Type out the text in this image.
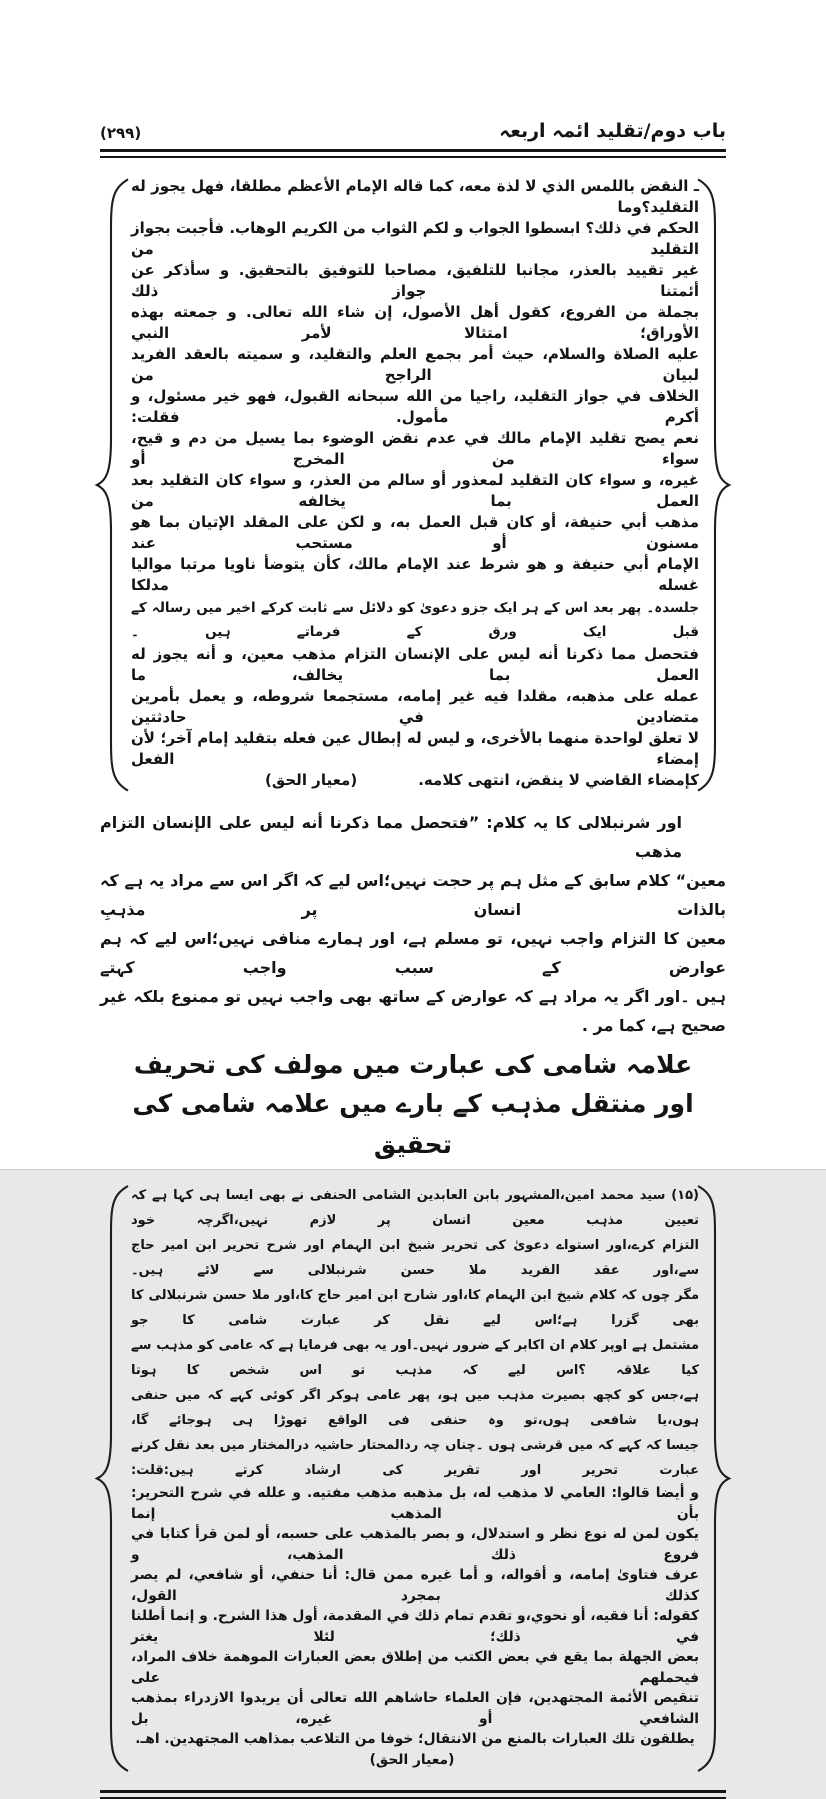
باب دوم/تقلید ائمہ اربعہ
(۲۹۹)
ـ النقض باللمس الذي لا لذة معه، كما قاله الإمام الأعظم مطلقا، فهل يجوز له التقليد؟وما
الحكم في ذلك؟ ابسطوا الجواب و لكم الثواب من الكريم الوهاب. فأجبت بجواز التقليد من
غير تقييد بالعذر، مجانبا للتلفيق، مصاحبا للتوفيق بالتحقيق. و سأذكر عن أئمتنا جواز ذلك
بجملة من الفروع، كقول أهل الأصول، إن شاء الله تعالى. و جمعته بهذه الأوراق؛ امتثالا لأمر النبي
عليه الصلاة والسلام، حيث أمر بجمع العلم والتقليد، و سميته بالعقد الفريد لبيان الراجح من
الخلاف في جواز التقليد، راجيا من الله سبحانه القبول، فهو خير مسئول، و أكرم مأمول. فقلت:
نعم يصح تقليد الإمام مالك في عدم نقض الوضوء بما يسيل من دم و قيح، سواء من المخرج أو
غيره، و سواء كان التقليد لمعذور أو سالم من العذر، و سواء كان التقليد بعد العمل بما يخالفه من
مذهب أبي حنيفة، أو كان قبل العمل به، و لكن على المقلد الإتيان بما هو مسنون أو مستحب عند
الإمام أبي حنيفة و هو شرط عند الإمام مالك، كأن يتوضأ ناويا مرتبا مواليا غسله مدلكا
جلسدہ۔ پھر بعد اس کے ہر ایک جزو دعویٰ کو دلائل سے ثابت کرکے اخیر میں رسالہ کے قبل ایک ورق کے فرماتے ہیں ۔
فتحصل مما ذكرنا أنه ليس على الإنسان التزام مذهب معين، و أنه يجوز له العمل بما يخالف، ما
عمله على مذهبه، مقلدا فيه غير إمامه، مستجمعا شروطه، و يعمل بأمرين متضادين في حادثتين
لا تعلق لواحدة منهما بالأخرى، و ليس له إبطال عين فعله بتقليد إمام آخر؛ لأن إمضاء الفعل
كإمضاء القاضي لا ينقض، انتهى كلامه.
(معيار الحق)
اور شرنبلالی کا یہ کلام: ”فتحصل مما ذكرنا أنه ليس على الإنسان التزام مذهب
معين“ کلام سابق کے مثل ہم پر حجت نہیں؛اس لیے کہ اگر اس سے مراد یہ ہے کہ بالذات انسان پر مذہبِ
معین کا التزام واجب نہیں، تو مسلم ہے، اور ہمارے منافی نہیں؛اس لیے کہ ہم عوارض کے سبب واجب کہتے
ہیں ۔اور اگر یہ مراد ہے کہ عوارض کے ساتھ بھی واجب نہیں تو ممنوع بلکہ غیر صحیح ہے، کما مر .
علامہ شامی کی عبارت میں مولف کی تحریف
اور منتقل مذہب کے بارے میں علامہ شامی کی تحقیق
(۱۵) سید محمد امین،المشہور بابن العابدین الشامی الحنفی نے بھی ایسا ہی کہا ہے کہ تعیین مذہب معین انسان پر لازم نہیں،اگرچہ خود
التزام کرے،اور استواے دعویٰ کی تحریر شیخ ابن الہمام اور شرح تحریر ابن امیر حاج سے،اور عقد الفرید ملا حسن شرنبلالی سے لائے ہیں۔
مگر چوں کہ کلام شیخ ابن الہمام کا،اور شارح ابن امیر حاج کا،اور ملا حسن شرنبلالی کا بھی گزرا ہے؛اس لیے نقل کر عبارت شامی کا جو
مشتمل ہے اوپر کلام ان اکابر کے ضرور نہیں۔اور یہ بھی فرمایا ہے کہ عامی کو مذہب سے کیا علاقہ ؟اس لیے کہ مذہب تو اس شخص کا ہوتا
ہے،جس کو کچھ بصیرت مذہب میں ہو، پھر عامی ہوکر اگر کوئی کہے کہ میں حنفی ہوں،یا شافعی ہوں،تو وہ حنفی فی الواقع تھوڑا ہی ہوجائے گا،
جیسا کہ کہے کہ میں قرشی ہوں ۔چناں چہ ردالمحتار حاشیہ درالمختار میں بعد نقل کرنے عبارت تحریر اور تقریر کی ارشاد کرتے ہیں:قلت:
و أيضا قالوا: العامي لا مذهب له، بل مذهبه مذهب مفتيه. و علله في شرح التحرير: بأن المذهب إنما
يكون لمن له نوع نظر و استدلال، و بصر بالمذهب على حسبه، أو لمن قرأ كتابا في فروع ذلك المذهب، و
عرف فتاوىٰ إمامه، و أقواله، و أما غيره ممن قال: أنا حنفي، أو شافعي، لم يصر كذلك بمجرد القول،
كقوله: أنا فقيه، أو نحوي،و تقدم تمام ذلك في المقدمة، أول هذا الشرح. و إنما أطلنا في ذلك؛ لئلا يغتر
بعض الجهلة بما يقع في بعض الكتب من إطلاق بعض العبارات الموهمة خلاف المراد، فيحملهم على
تنقيص الأئمة المجتهدين، فإن العلماء حاشاهم الله تعالى أن يريدوا الازدراء بمذهب الشافعي أو غيره، بل
يطلقون تلك العبارات بالمنع من الانتقال؛ خوفا من التلاعب بمذاهب المجتهدين. اهـ. (معيار الحق)
